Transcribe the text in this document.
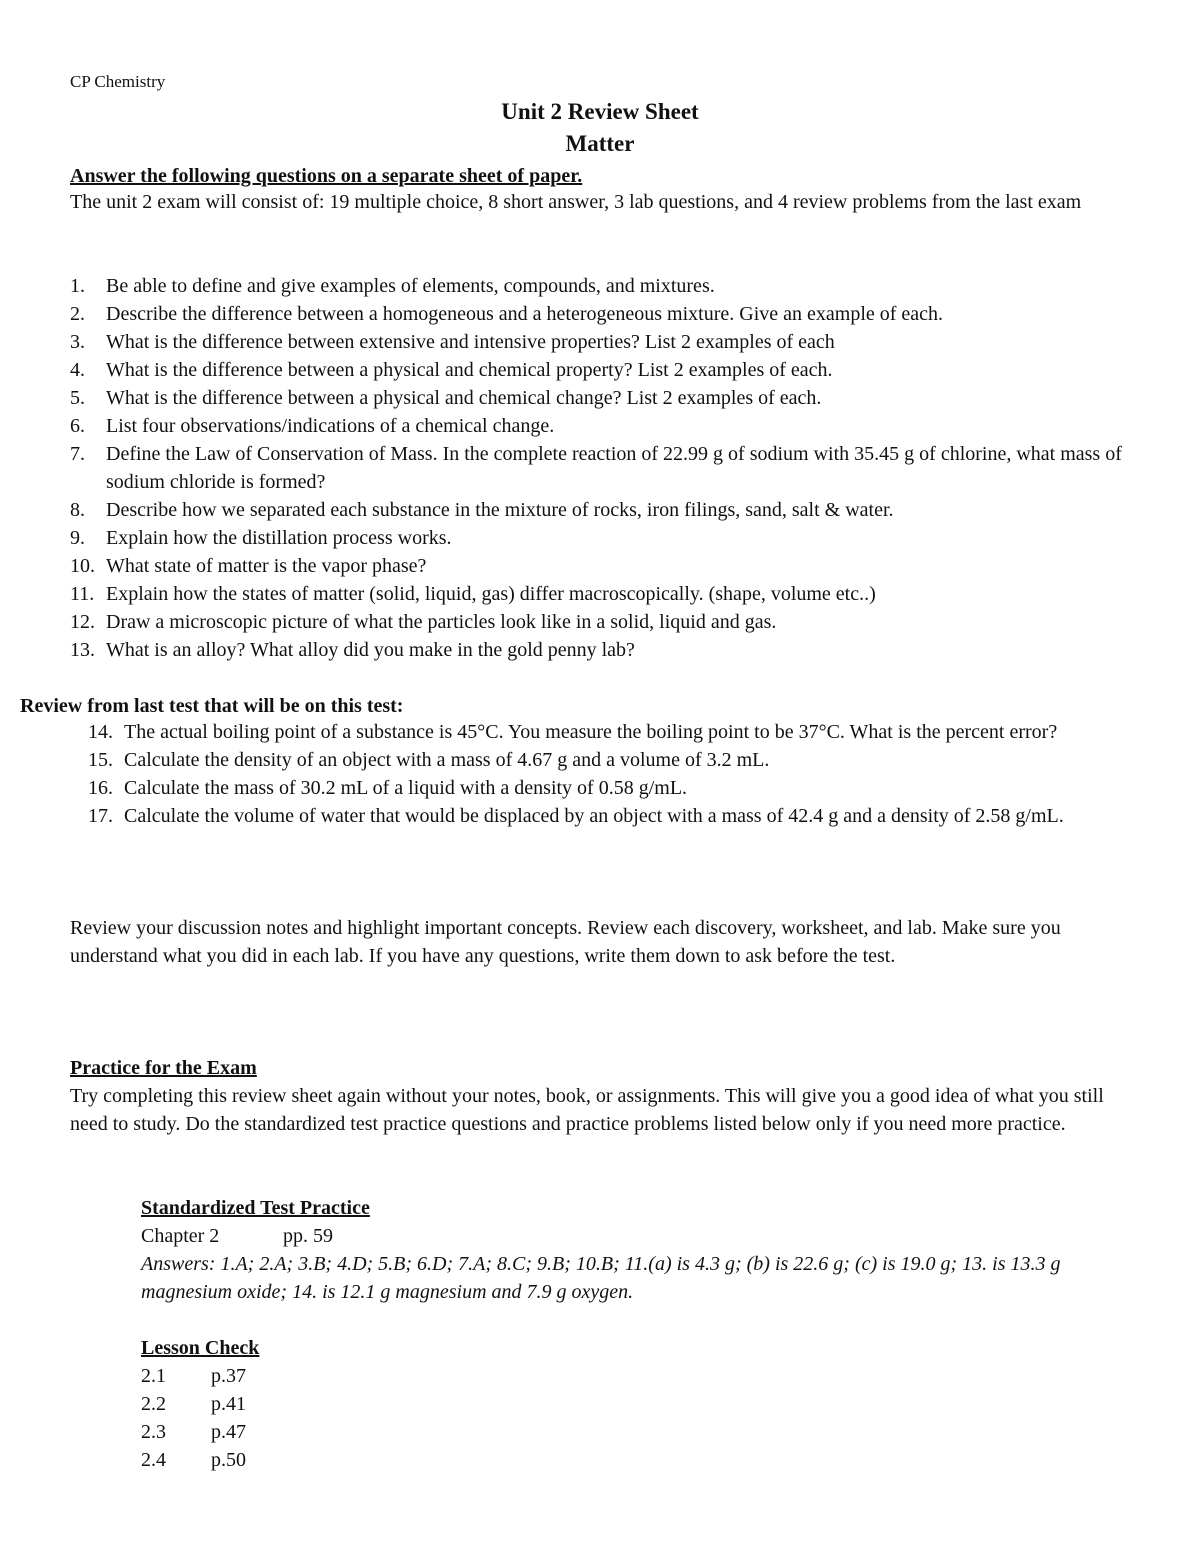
CP Chemistry
Unit 2 Review Sheet
Matter
Answer the following questions on a separate sheet of paper.
The unit 2 exam will consist of: 19 multiple choice, 8 short answer, 3 lab questions, and 4 review problems from the last exam
1. Be able to define and give examples of elements, compounds, and mixtures.
2. Describe the difference between a homogeneous and a heterogeneous mixture. Give an example of each.
3. What is the difference between extensive and intensive properties? List 2 examples of each
4. What is the difference between a physical and chemical property? List 2 examples of each.
5. What is the difference between a physical and chemical change? List 2 examples of each.
6. List four observations/indications of a chemical change.
7. Define the Law of Conservation of Mass. In the complete reaction of 22.99 g of sodium with 35.45 g of chlorine, what mass of sodium chloride is formed?
8. Describe how we separated each substance in the mixture of rocks, iron filings, sand, salt & water.
9. Explain how the distillation process works.
10. What state of matter is the vapor phase?
11. Explain how the states of matter (solid, liquid, gas) differ macroscopically. (shape, volume etc..)
12. Draw a microscopic picture of what the particles look like in a solid, liquid and gas.
13. What is an alloy? What alloy did you make in the gold penny lab?
Review from last test that will be on this test:
14. The actual boiling point of a substance is 45°C. You measure the boiling point to be 37°C. What is the percent error?
15. Calculate the density of an object with a mass of 4.67 g and a volume of 3.2 mL.
16. Calculate the mass of 30.2 mL of a liquid with a density of 0.58 g/mL.
17. Calculate the volume of water that would be displaced by an object with a mass of 42.4 g and a density of 2.58 g/mL.
Review your discussion notes and highlight important concepts. Review each discovery, worksheet, and lab. Make sure you understand what you did in each lab. If you have any questions, write them down to ask before the test.
Practice for the Exam
Try completing this review sheet again without your notes, book, or assignments. This will give you a good idea of what you still need to study. Do the standardized test practice questions and practice problems listed below only if you need more practice.
Standardized Test Practice
Chapter 2	pp. 59
Answers: 1.A; 2.A; 3.B; 4.D; 5.B; 6.D; 7.A; 8.C; 9.B; 10.B; 11.(a) is 4.3 g; (b) is 22.6 g; (c) is 19.0 g; 13. is 13.3 g magnesium oxide; 14. is 12.1 g magnesium and 7.9 g oxygen.
Lesson Check
2.1 p.37
2.2 p.41
2.3 p.47
2.4 p.50
